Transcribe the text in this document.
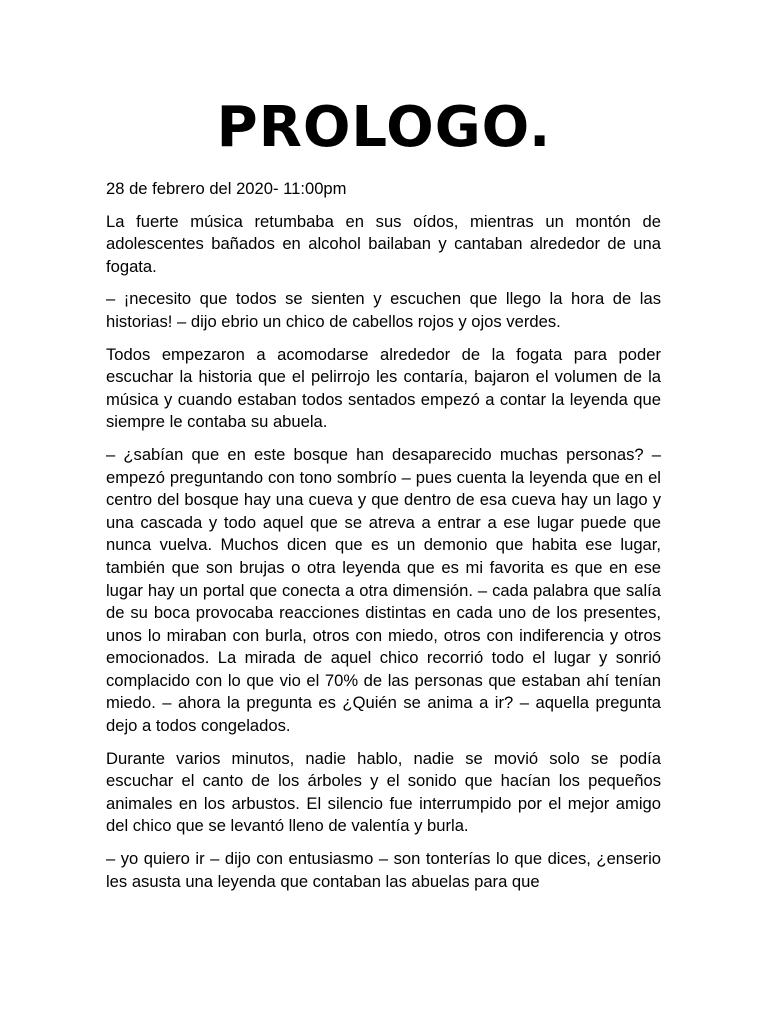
PROLOGO.

28 de febrero del 2020- 11:00pm

La fuerte música retumbaba en sus oídos, mientras un montón de adolescentes bañados en alcohol bailaban y cantaban alrededor de una fogata.

– ¡necesito que todos se sienten y escuchen que llego la hora de las historias! – dijo ebrio un chico de cabellos rojos y ojos verdes.

Todos empezaron a acomodarse alrededor de la fogata para poder escuchar la historia que el pelirrojo les contaría, bajaron el volumen de la música y cuando estaban todos sentados empezó a contar la leyenda que siempre le contaba su abuela.

– ¿sabían que en este bosque han desaparecido muchas personas? – empezó preguntando con tono sombrío – pues cuenta la leyenda que en el centro del bosque hay una cueva y que dentro de esa cueva hay un lago y una cascada y todo aquel que se atreva a entrar a ese lugar puede que nunca vuelva. Muchos dicen que es un demonio que habita ese lugar, también que son brujas o otra leyenda que es mi favorita es que en ese lugar hay un portal que conecta a otra dimensión. – cada palabra que salía de su boca provocaba reacciones distintas en cada uno de los presentes, unos lo miraban con burla, otros con miedo, otros con indiferencia y otros emocionados. La mirada de aquel chico recorrió todo el lugar y sonrió complacido con lo que vio el 70% de las personas que estaban ahí tenían miedo. – ahora la pregunta es ¿Quién se anima a ir? – aquella pregunta dejo a todos congelados.

Durante varios minutos, nadie hablo, nadie se movió solo se podía escuchar el canto de los árboles y el sonido que hacían los pequeños animales en los arbustos. El silencio fue interrumpido por el mejor amigo del chico que se levantó lleno de valentía y burla.

– yo quiero ir – dijo con entusiasmo – son tonterías lo que dices, ¿enserio les asusta una leyenda que contaban las abuelas para que
